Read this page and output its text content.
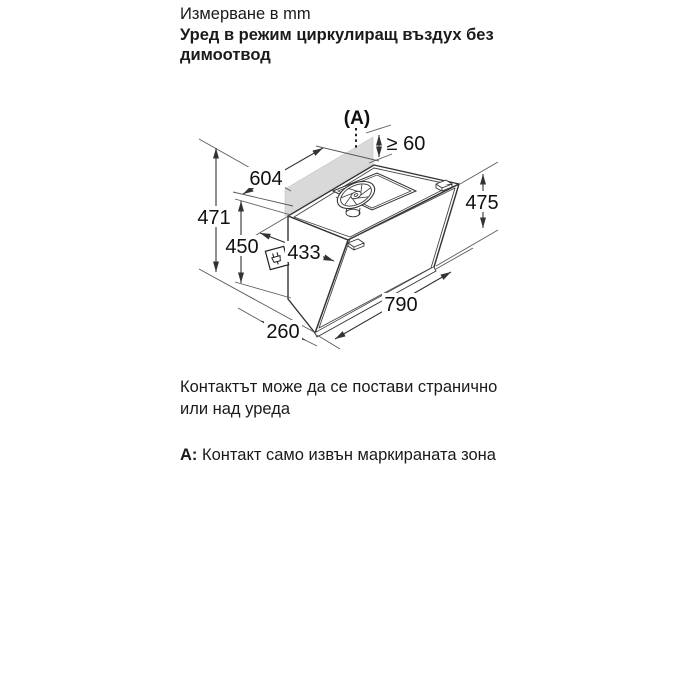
Измерване в mm
Уред в режим циркулиращ въздух без димоотвод
604
471
450 433
475
790
260
≥ 60
(A)
Контактът може да се постави странично или над уреда
A: Контакт само извън маркираната зона
